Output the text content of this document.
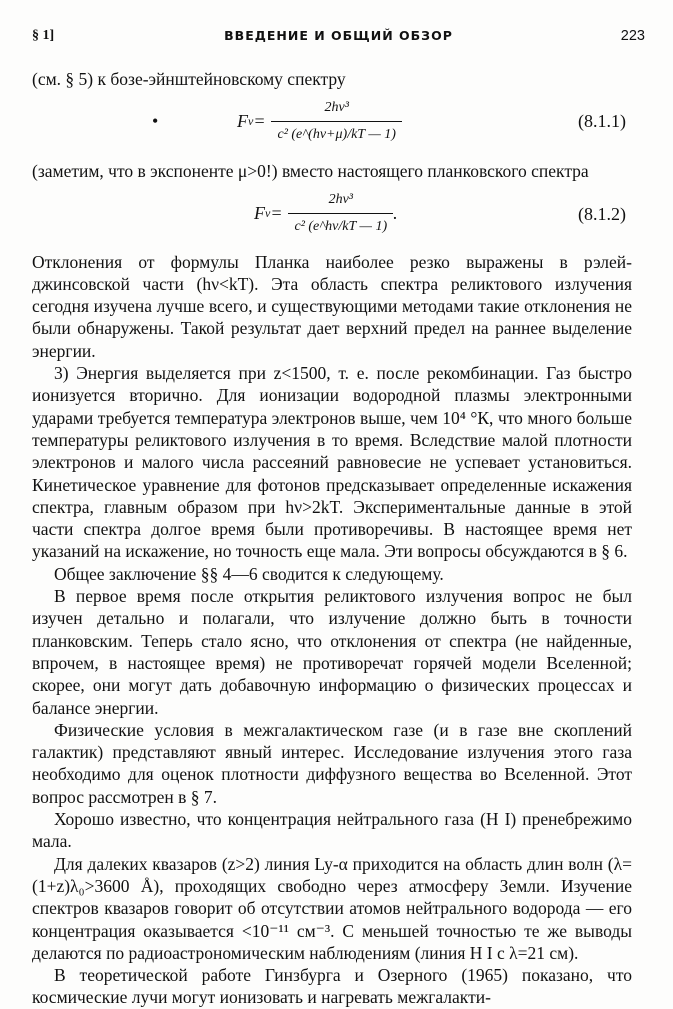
§ 1]	ВВЕДЕНИЕ И ОБЩИЙ ОБЗОР	223

(см. § 5) к бозе-эйнштейновскому спектру

•	F $\nu = \frac{\text{2hν³}}{\text{c² (e\textasciicircum{}(hν+μ)/kT — 1)}}$	(8.1.1)

(заметим, что в экспоненте μ>0!) вместо настоящего планковского спектра

F $\nu = \frac{\text{2hν³}}{\text{c² (e\textasciicircum{}hν/kT — 1)}}$ .	(8.1.2)

Отклонения от формулы Планка наиболее резко выражены в рэлей-джинсовской части (hν<kT). Эта область спектра реликтового излучения сегодня изучена лучше всего, и существующими методами такие отклонения не были обнаружены. Такой результат дает верхний предел на раннее выделение энергии.

3) Энергия выделяется при z<1500, т. е. после рекомбинации. Газ быстро ионизуется вторично. Для ионизации водородной плазмы электронными ударами требуется температура электронов выше, чем 10⁴ °К, что много больше температуры реликтового излучения в то время. Вследствие малой плотности электронов и малого числа рассеяний равновесие не успевает установиться. Кинетическое уравнение для фотонов предсказывает определенные искажения спектра, главным образом при hν>2kT. Экспериментальные данные в этой части спектра долгое время были противоречивы. В настоящее время нет указаний на искажение, но точность еще мала. Эти вопросы обсуждаются в § 6.

Общее заключение §§ 4—6 сводится к следующему.

В первое время после открытия реликтового излучения вопрос не был изучен детально и полагали, что излучение должно быть в точности планковским. Теперь стало ясно, что отклонения от спектра (не найденные, впрочем, в настоящее время) не противоречат горячей модели Вселенной; скорее, они могут дать добавочную информацию о физических процессах и балансе энергии.

Физические условия в межгалактическом газе (и в газе вне скоплений галактик) представляют явный интерес. Исследование излучения этого газа необходимо для оценок плотности диффузного вещества во Вселенной. Этот вопрос рассмотрен в § 7.

Хорошо известно, что концентрация нейтрального газа (H I) пренебрежимо мала.

Для далеких квазаров (z>2) линия Ly-α приходится на область длин волн (λ=(1+z)λ₀>3600 Å), проходящих свободно через атмосферу Земли. Изучение спектров квазаров говорит об отсутствии атомов нейтрального водорода — его концентрация оказывается <10⁻¹¹ см⁻³. С меньшей точностью те же выводы делаются по радиоастрономическим наблюдениям (линия H I с λ=21 см).

В теоретической работе Гинзбурга и Озерного (1965) показано, что космические лучи могут ионизовать и нагревать межгалакти-
